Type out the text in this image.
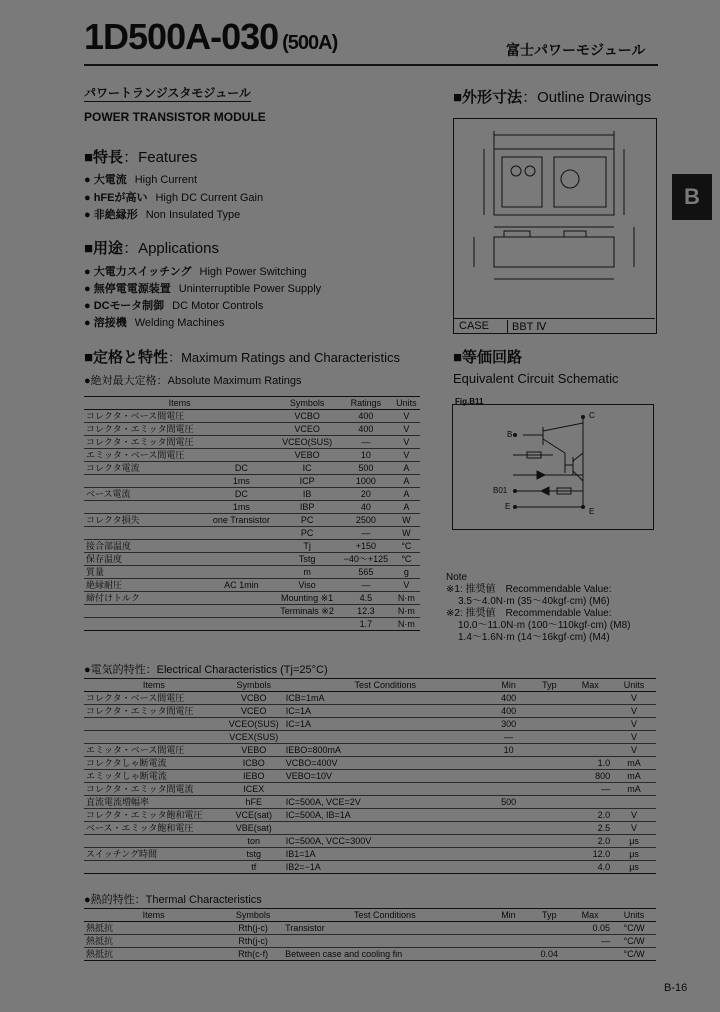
1D500A-030 (500A)	富士パワーモジュール
B
パワートランジスタモジュール
POWER TRANSISTOR MODULE
■特長：Features
● 大電流 High Current
● hFEが高い High DC Current Gain
● 非絶縁形 Non Insulated Type
■用途：Applications
● 大電力スイッチング High Power Switching
● 無停電電源装置 Uninterruptible Power Supply
● DCモータ制御 DC Motor Controls
● 溶接機 Welding Machines
■外形寸法：Outline Drawings
CASE	BBT Ⅳ
■定格と特性：Maximum Ratings and Characteristics
●絶対最大定格：Absolute Maximum Ratings
■等価回路
Equivalent Circuit Schematic
Fig.B11
C
B
B01
E
E
Items		Symbols	Ratings	Units
コレクタ・ベース間電圧		VCBO	400	V
コレクタ・エミッタ間電圧		VCEO	400	V
コレクタ・エミッタ間電圧		VCEO(SUS)	—	V
エミッタ・ベース間電圧		VEBO	10	V
コレクタ電流	DC	IC	500	A
	1ms	ICP	1000	A
ベース電流	DC	IB	20	A
	1ms	IBP	40	A
コレクタ損失	one Transistor	PC	2500	W
		PC	—	W
接合部温度		Tj	+150	°C
保存温度		Tstg	−40〜+125	°C
質量		m	565	g
絶縁耐圧	AC 1min	Viso	—	V
締付けトルク		Mounting ※1	4.5	N·m
		Terminals ※2	12.3	N·m
			1.7	N·m
Note
※1: 推奨値　Recommendable Value:
3.5〜4.0N·m (35〜40kgf·cm) (M6)
※2: 推奨値　Recommendable Value:
10.0〜11.0N·m (100〜110kgf·cm) (M8)
1.4〜1.6N·m (14〜16kgf·cm) (M4)
●電気的特性：Electrical Characteristics (Tj=25°C)
Items	Symbols	Test Conditions	Min	Typ	Max	Units
コレクタ・ベース間電圧	VCBO	ICB=1mA	400			V
コレクタ・エミッタ間電圧	VCEO	IC=1A	400			V
	VCEO(SUS)	IC=1A	300			V
	VCEX(SUS)		—			V
エミッタ・ベース間電圧	VEBO	IEBO=800mA	10			V
コレクタしゃ断電流	ICBO	VCBO=400V			1.0	mA
エミッタしゃ断電流	IEBO	VEBO=10V			800	mA
コレクタ・エミッタ間電流	ICEX				—	mA
直流電流増幅率	hFE	IC=500A, VCE=2V	500			
コレクタ・エミッタ飽和電圧	VCE(sat)	IC=500A, IB=1A			2.0	V
ベース・エミッタ飽和電圧	VBE(sat)				2.5	V
	ton	IC=500A, VCC=300V			2.0	μs
スイッチング時間	tstg	IB1=1A			12.0	μs
	tf	IB2=−1A			4.0	μs
●熱的特性：Thermal Characteristics
Items	Symbols	Test Conditions	Min	Typ	Max	Units
熱抵抗	Rth(j-c)	Transistor			0.05	°C/W
熱抵抗	Rth(j-c)				—	°C/W
熱抵抗	Rth(c-f)	Between case and cooling fin		0.04		°C/W
B-16
